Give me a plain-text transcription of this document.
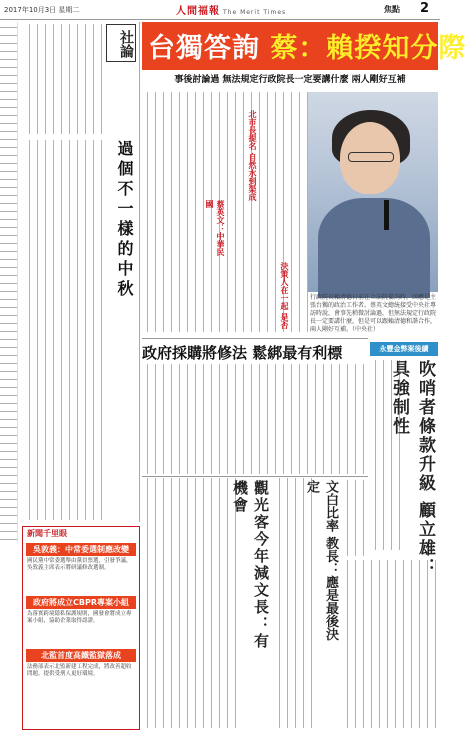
2017年10月3日 星期二	人間福報 The Merit Times	焦點 2
社論
過個不一樣的中秋
台獨答詢 蔡：賴揆知分際
事後討論過 無法規定行政院長一定要講什麼 兩人剛好互補
北市長提名 自然水到渠成
蔡英文：中華民國
決策人在一起 是否	行政院長賴清德日前在立法院備詢時，回應是主張台獨的政治工作者。蔡英文總統接受中央社專訪時說，會事先稍微討論過，但無法規定行政院長一定要講什麼，但是可以跟賴清德和諧合作，兩人剛好互補。（中央社）
政府採購將修法 鬆綁最有利標
觀光客今年減文長：有機會	文白比率 教長：應是最後決定
永豐金弊案後續
吹哨者條款升級 顧立雄：具強制性
新聞千里眼
吳敦義：中常委選制應改變
國民黨中常委選舉由黨員票選，引發爭議，吳敦義主席表示將研議修改選制。
政府將成立CBPR專案小組
為落實跨境隱私保護規則，國發會將成立專案小組，協助企業取得認證。
北監首度高鐵監獄落成
法務部表示北監新建工程完成，將改善超收問題，提供受刑人更好環境。
